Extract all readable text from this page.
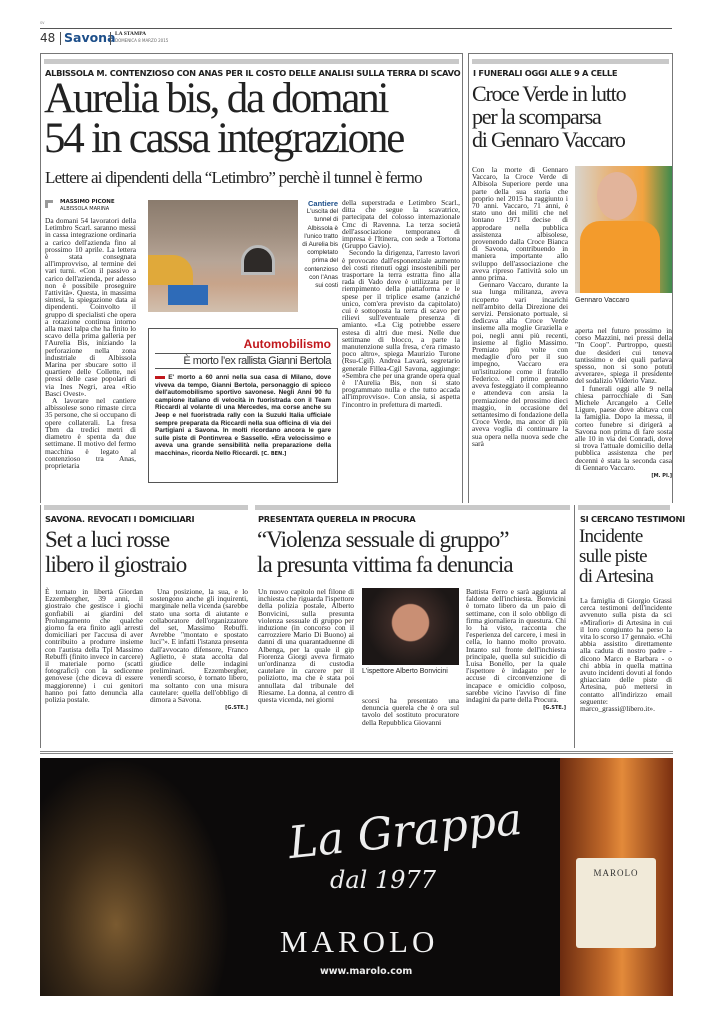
sv
48 Savona LA STAMPA
DOMENICA 8 MARZO 2015
ALBISSOLA M. CONTENZIOSO CON ANAS PER IL COSTO DELLE ANALISI SULLA TERRA DI SCAVO
Aurelia bis, da domani
54 in cassa integrazione
Lettere ai dipendenti della “Letimbro” perchè il tunnel è fermo
MASSIMO PICONE
ALBISSOLA MARINA

Da domani 54 lavoratori della Letimbro Scarl. saranno messi in cassa integrazione ordinaria a carico dell'azienda fino al prossimo 10 aprile. La lettera è stata consegnata all'improvviso, al termine dei vari turni. «Con il passivo a carico dell'azienda, per adesso non è possibile proseguire l'attività». Questa, in massima sintesi, la spiegazione data ai dipendenti. Coinvolto il gruppo di specialisti che opera a rotazione continua intorno alla maxi talpa che ha finito lo scavo della prima galleria per l'Aurelia Bis, iniziando la perforazione nella zona industriale di Albissola Marina per sbucare sotto il quartiere delle Collette, nei pressi delle case popolari di via Ines Negri, area «Rio Basci Ovest».

A lavorare nel cantiere albissolese sono rimaste circa 35 persone, che si occupano di opere collaterali. La fresa Tbm da tredici metri di diametro è spenta da due settimane. Il motivo del fermo macchina è legato al contenzioso tra Anas, proprietaria

Cantiere
L'uscita del tunnel di Albissola è l'unico tratto di Aurelia bis completato prima del contenzioso con l'Anas sui costi

della superstrada e Letimbro Scarl., ditta che segue la scavatrice, partecipata del colosso internazionale Cmc di Ravenna. La terza società dell'associazione temporanea di impresa è l'Itinera, con sede a Tortona (Gruppo Gavio).

Secondo la dirigenza, l'arresto lavori è provocato dall'esponenziale aumento dei costi ritenuti oggi insostenibili per trasportare la terra estratta fino alla rada di Vado dove è utilizzata per il riempimento della piattaforma e le spese per il triplice esame (anziché unico, com'era previsto da capitolato) cui è sottoposta la terra di scavo per rilievi sull'eventuale presenza di amianto. «La Cig potrebbe essere estesa di altri due mesi. Nelle due settimane di blocco, a parte la manutenzione sulla fresa, c'era rimasto poco altro», spiega Maurizio Turone (Rsu-Cgil). Andrea Lavarà, segretario generale Fillea-Cgil Savona, aggiunge: «Sembra che per una grande opera qual è l'Aurelia Bis, non si stato programmato nulla e che tutto accada all'improvviso». Con ansia, si aspetta l'incontro in prefettura di martedì.

Automobilismo
È morto l’ex rallista Gianni Bertola
E' morto a 60 anni nella sua casa di Milano, dove viveva da tempo, Gianni Bertola, personaggio di spicco dell'automobilismo sportivo savonese. Negli Anni 90 fu campione italiano di velocità in fuoristrada con il Team Riccardi al volante di una Mercedes, ma corse anche su Jeep e nel fuoristrada rally con la Suzuki Italia ufficiale sempre preparata da Riccardi nella sua officina di via dei Partigiani a Savona. In molti ricordano ancora le gare sulle piste di Pontinvrea e Sassello. «Era velocissimo e aveva una grande sensibilità nella preparazione della macchina», ricorda Nello Riccardi. [C. BEN.]
I FUNERALI OGGI ALLE 9 A CELLE
Croce Verde in lutto
per la scomparsa
di Gennaro Vaccaro

Con la morte di Gennaro Vaccaro, la Croce Verde di Albisola Superiore perde una parte della sua storia che proprio nel 2015 ha raggiunto i 70 anni. Vaccaro, 71 anni, è stato uno dei militi che nel lontano 1971 decise di approdare nella pubblica assistenza albisolese, provenendo dalla Croce Bianca di Savona, contribuendo in maniera importante allo sviluppo dell'associazione che aveva ripreso l'attività solo un anno prima.

Gennaro Vaccaro, durante la sua lunga militanza, aveva ricoperto vari incarichi nell'ambito della Direzione dei servizi. Pensionato portuale, si dedicava alla Croce Verde insieme alla moglie Graziella e poi, negli anni più recenti, insieme al figlio Massimo. Premiato più volte con medaglie d'oro per il suo impegno, Vaccaro era un'istituzione come il fratello Federico. «Il primo gennaio aveva festeggiato il compleanno e attendeva con ansia la premiazione del prossimo dieci maggio, in occasione del settantesimo di fondazione della Croce Verde, ma ancor di più aveva voglia di continuare la sua opera nella nuova sede che sarà

Gennaro Vaccaro

aperta nel futuro prossimo in corso Mazzini, nei pressi della "In Coop". Purtroppo, questi due desideri cui teneva tantissimo e dei quali parlava spesso, non si sono potuti avverare», spiega il presidente del sodalizio Vilderio Vanz.

I funerali oggi alle 9 nella chiesa parrocchiale di San Michele Arcangelo a Celle Ligure, paese dove abitava con la famiglia. Dopo la messa, il corteo funebre si dirigerà a Savona non prima di fare sosta alle 10 in via dei Conradi, dove si trova l'attuale domicilio della pubblica assistenza che per decenni è stata la seconda casa di Gennaro Vaccaro.

[M. PI.]
SAVONA. REVOCATI I DOMICILIARI
Set a luci rosse
libero il giostraio

È tornato in libertà Giordan Ezzembergher, 39 anni, il giostraio che gestisce i giochi gonfiabili ai giardini del Prolungamento che qualche giorno fa era finito agli arresti domiciliari per l'accusa di aver contribuito a produrre insieme con l'autista della Tpl Massimo Rebuffi (finito invece in carcere) il materiale porno (scatti fotografici) con la sedicenne genovese (che diceva di essere maggiorenne) i cui genitori hanno poi fatto denuncia alla polizia postale.

Una posizione, la sua, e lo sostengono anche gli inquirenti, marginale nella vicenda (sarebbe stato una sorta di aiutante e collaboratore dell'organizzatore del set, Massimo Rebuffi. Avrebbe "montato e spostato luci"». E infatti l'istanza presenta dall'avvocato difensore, Franco Aglietto, è stata accolta dal giudice delle indagini preliminari. Ezzembergher, venerdì scorso, è tornato libero, ma soltanto con una misura cautelare: quella dell'obbligo di dimora a Savona.

[G.STE.]
PRESENTATA QUERELA IN PROCURA
“Violenza sessuale di gruppo”
la presunta vittima fa denuncia

Un nuovo capitolo nel filone di inchiesta che riguarda l'ispettore della polizia postale, Alberto Bonvicini, sulla presunta violenza sessuale di gruppo per induzione (in concorso con il carrozziere Mario Di Buono) ai danni di una quarantaduenne di Albenga, per la quale il gip Fiorenza Giorgi aveva firmato un'ordinanza di custodia cautelare in carcere per il poliziotto, ma che è stata poi annullata dal tribunale del Riesame. La donna, al centro di questa vicenda, nei giorni

L'ispettore Alberto Bonvicini

scorsi ha presentato una denuncia querela che è ora sul tavolo del sostituto procuratore della Repubblica Giovanni

Battista Ferro e sarà aggiunta al faldone dell'inchiesta. Bonvicini è tornato libero da un paio di settimane, con il solo obbligo di firma giornaliera in questura. Chi lo ha visto, racconta che l'esperienza del carcere, i mesi in cella, lo hanno molto provato. Intanto sul fronte dell'inchiesta principale, quella sul suicidio di Luisa Bonello, per la quale l'ispettore è indagato per le accuse di circonvenzione di incapace e omicidio colposo, sarebbe vicino l'avviso di fine indagini da parte della Procura.

[G.STE.]
SI CERCANO TESTIMONI
Incidente
sulle piste
di Artesina

La famiglia di Giorgio Grassi cerca testimoni dell'incidente avvenuto sulla pista da sci «Mirafiori» di Artesina in cui il loro congiunto ha perso la vita lo scorso 17 gennaio. «Chi abbia assistito direttamente alla caduta di nostro padre - dicono Marco e Barbara - o chi abbia in quella mattina avuto incidenti dovuti al fondo ghiacciato delle piste di Artesina, può mettersi in contatto all'indirizzo email seguente: marco_grassi@libero.it».

La Grappa
dal 1977
MAROLO
www.marolo.com
MAROLO
